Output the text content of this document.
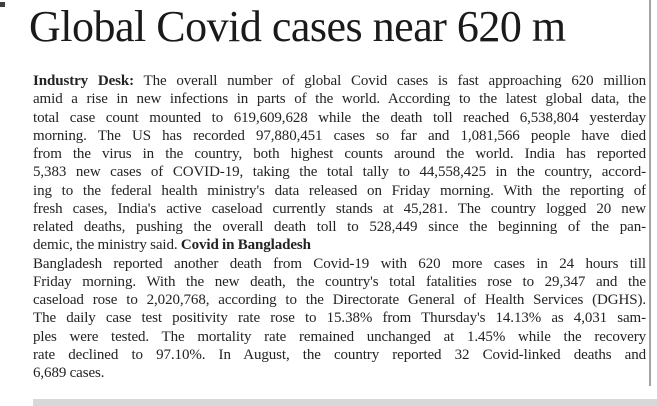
Global Covid cases near 620 m
Industry Desk: The overall number of global Covid cases is fast approaching 620 million
amid a rise in new infections in parts of the world. According to the latest global data, the
total case count mounted to 619,609,628 while the death toll reached 6,538,804 yesterday
morning. The US has recorded 97,880,451 cases so far and 1,081,566 people have died
from the virus in the country, both highest counts around the world. India has reported
5,383 new cases of COVID-19, taking the total tally to 44,558,425 in the country, accord-
ing to the federal health ministry's data released on Friday morning. With the reporting of
fresh cases, India's active caseload currently stands at 45,281. The country logged 20 new
related deaths, pushing the overall death toll to 528,449 since the beginning of the pan-
demic, the ministry said. Covid in Bangladesh
Bangladesh reported another death from Covid-19 with 620 more cases in 24 hours till
Friday morning. With the new death, the country's total fatalities rose to 29,347 and the
caseload rose to 2,020,768, according to the Directorate General of Health Services (DGHS).
The daily case test positivity rate rose to 15.38% from Thursday's 14.13% as 4,031 sam-
ples were tested. The mortality rate remained unchanged at 1.45% while the recovery
rate declined to 97.10%. In August, the country reported 32 Covid-linked deaths and
6,689 cases.
